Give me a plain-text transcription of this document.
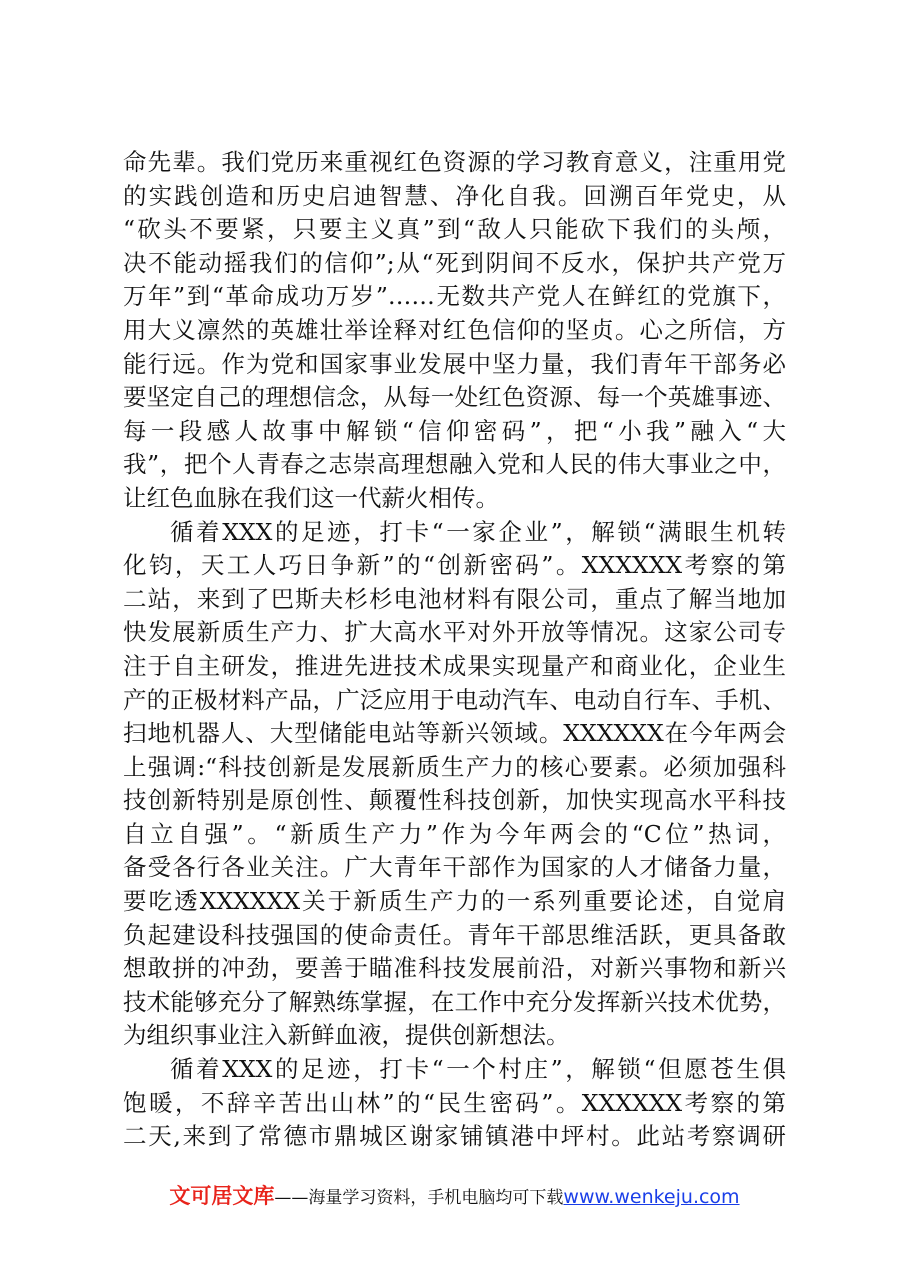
命先辈。我们党历来重视红色资源的学习教育意义，注重用党
的实践创造和历史启迪智慧、净化自我。回溯百年党史，从
“砍头不要紧，只要主义真”到“敌人只能砍下我们的头颅，
决不能动摇我们的信仰”;从“死到阴间不反水，保护共产党万
万年”到“革命成功万岁”……无数共产党人在鲜红的党旗下，
用大义凛然的英雄壮举诠释对红色信仰的坚贞。心之所信，方
能行远。作为党和国家事业发展中坚力量，我们青年干部务必
要坚定自己的理想信念，从每一处红色资源、每一个英雄事迹、
每一段感人故事中解锁“信仰密码”，把“小我”融入“大
我”，把个人青春之志崇高理想融入党和人民的伟大事业之中，
让红色血脉在我们这一代薪火相传。
循着XXX的足迹，打卡“一家企业”，解锁“满眼生机转
化钧，天工人巧日争新”的“创新密码”。XXXXXX考察的第
二站，来到了巴斯夫杉杉电池材料有限公司，重点了解当地加
快发展新质生产力、扩大高水平对外开放等情况。这家公司专
注于自主研发，推进先进技术成果实现量产和商业化，企业生
产的正极材料产品，广泛应用于电动汽车、电动自行车、手机、
扫地机器人、大型储能电站等新兴领域。XXXXXX在今年两会
上强调:“科技创新是发展新质生产力的核心要素。必须加强科
技创新特别是原创性、颠覆性科技创新，加快实现高水平科技
自立自强”。“新质生产力”作为今年两会的“C位”热词，
备受各行各业关注。广大青年干部作为国家的人才储备力量，
要吃透XXXXXX关于新质生产力的一系列重要论述，自觉肩
负起建设科技强国的使命责任。青年干部思维活跃，更具备敢
想敢拼的冲劲，要善于瞄准科技发展前沿，对新兴事物和新兴
技术能够充分了解熟练掌握，在工作中充分发挥新兴技术优势，
为组织事业注入新鲜血液，提供创新想法。
循着XXX的足迹，打卡“一个村庄”，解锁“但愿苍生俱
饱暖，不辞辛苦出山林”的“民生密码”。XXXXXX考察的第
二天,来到了常德市鼎城区谢家铺镇港中坪村。此站考察调研
文可居文库——海量学习资料，手机电脑均可下载www.wenkeju.com
